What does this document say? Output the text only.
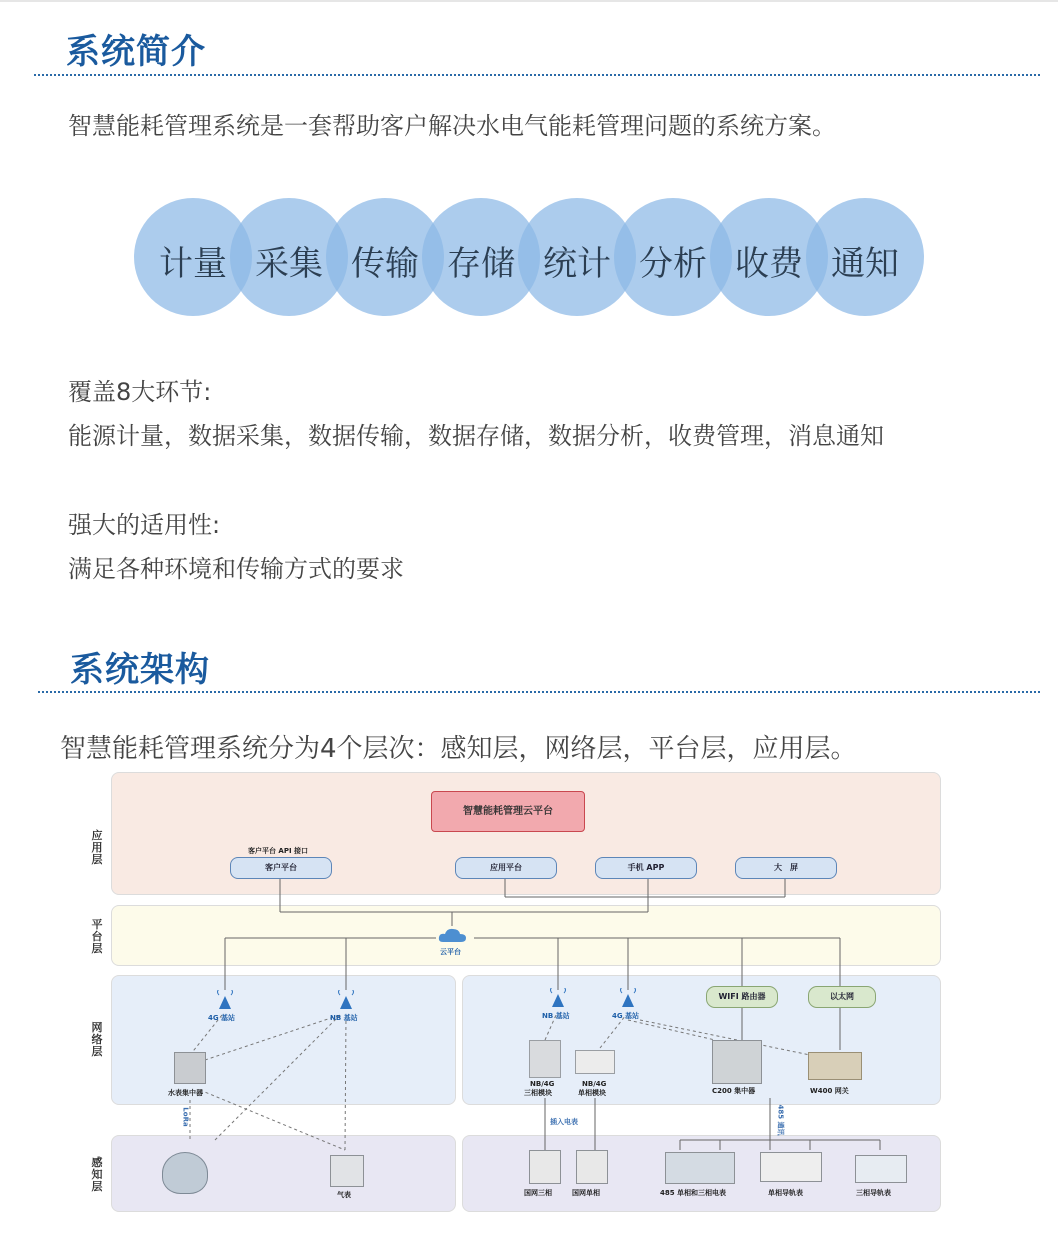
系统简介
智慧能耗管理系统是一套帮助客户解决水电气能耗管理问题的系统方案。
计量 采集 传输 存储 统计 分析 收费 通知
覆盖8大环节:
能源计量，数据采集，数据传输，数据存储，数据分析，收费管理，消息通知
强大的适用性:
满足各种环境和传输方式的要求
系统架构
智慧能耗管理系统分为4个层次：感知层，网络层，平台层，应用层。
应用层
平台层
网络层
感知层
智慧能耗管理云平台
客户平台 API 接口
客户平台	应用平台	手机 APP	大　屏
云平台
4G 基站	NB 基站	NB 基站	4G 基站
WIFI 路由器	以太网
水表集中器
LoRa
NB/4G
三相模块
NB/4G
单相模块	C200 集中器	W400 网关
插入电表	485 通讯
气表	国网三相	国网单相	485 单相和三相电表	单相导轨表	三相导轨表
